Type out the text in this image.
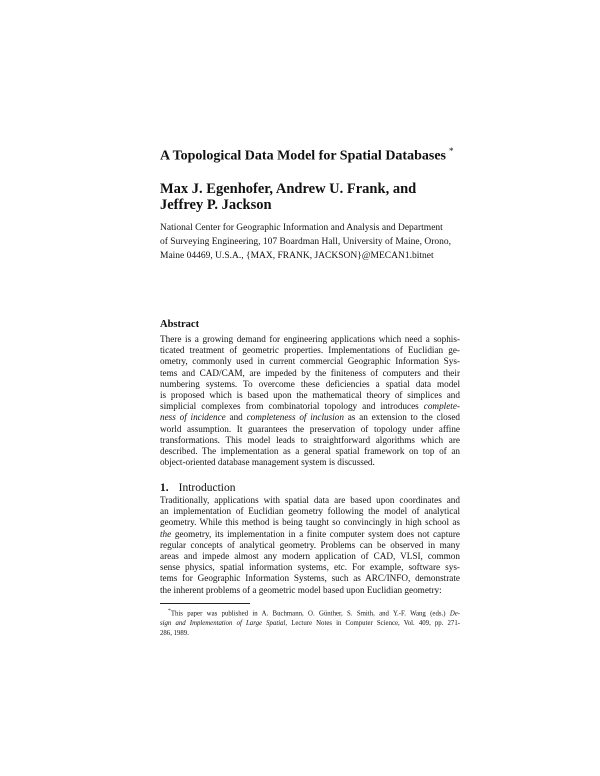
A Topological Data Model for Spatial Databases *
Max J. Egenhofer, Andrew U. Frank, and
Jeffrey P. Jackson
National Center for Geographic Information and Analysis and Department
of Surveying Engineering, 107 Boardman Hall, University of Maine, Orono,
Maine 04469, U.S.A., {MAX, FRANK, JACKSON}@MECAN1.bitnet
Abstract
There is a growing demand for engineering applications which need a sophis-
ticated treatment of geometric properties. Implementations of Euclidian ge-
ometry, commonly used in current commercial Geographic Information Sys-
tems and CAD/CAM, are impeded by the finiteness of computers and their
numbering systems. To overcome these deficiencies a spatial data model
is proposed which is based upon the mathematical theory of simplices and
simplicial complexes from combinatorial topology and introduces complete-
ness of incidence and completeness of inclusion as an extension to the closed
world assumption. It guarantees the preservation of topology under affine
transformations. This model leads to straightforward algorithms which are
described. The implementation as a general spatial framework on top of an
object-oriented database management system is discussed.
1. Introduction
Traditionally, applications with spatial data are based upon coordinates and
an implementation of Euclidian geometry following the model of analytical
geometry. While this method is being taught so convincingly in high school as
the geometry, its implementation in a finite computer system does not capture
regular concepts of analytical geometry. Problems can be observed in many
areas and impede almost any modern application of CAD, VLSI, common
sense physics, spatial information systems, etc. For example, software sys-
tems for Geographic Information Systems, such as ARC/INFO, demonstrate
the inherent problems of a geometric model based upon Euclidian geometry:
*This paper was published in A. Buchmann, O. Günther, S. Smith, and Y.-F. Wang (eds.) De-
sign and Implementation of Large Spatial, Lecture Notes in Computer Science, Vol. 409, pp. 271-
286, 1989.
